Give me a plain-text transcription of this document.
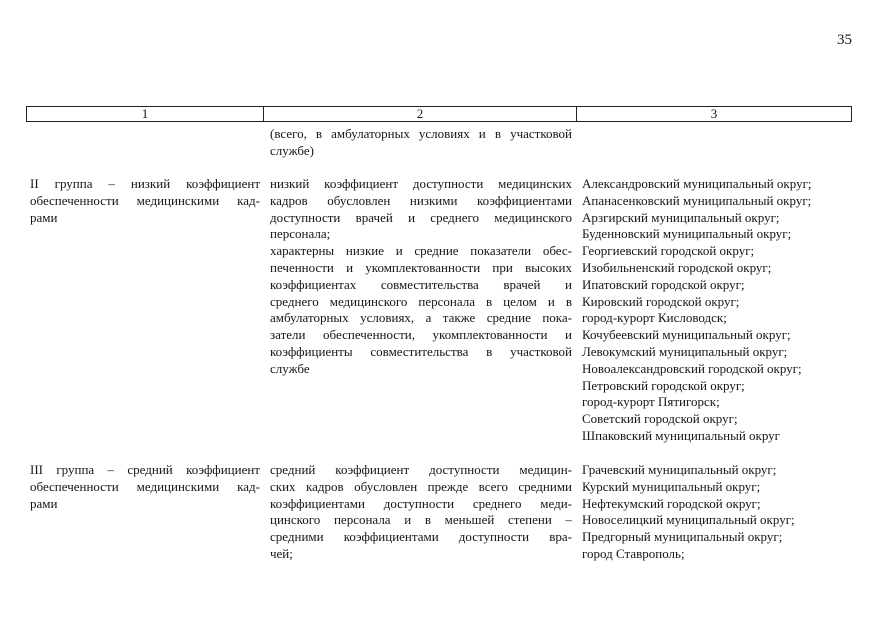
35
1	2	3
(всего, в амбулаторных условиях и в участковой
службе)
II группа – низкий коэффициент
обеспеченности медицинскими кад-
рами
низкий коэффициент доступности медицинских
кадров обусловлен низкими коэффициентами
доступности врачей и среднего медицинского
персонала;
характерны низкие и средние показатели обес-
печенности и укомплектованности при высоких
коэффициентах совместительства врачей и
среднего медицинского персонала в целом и в
амбулаторных условиях, а также средние пока-
затели обеспеченности, укомплектованности и
коэффициенты совместительства в участковой
службе
Александровский муниципальный округ;
Апанасенковский муниципальный округ;
Арзгирский муниципальный округ;
Буденновский муниципальный округ;
Георгиевский городской округ;
Изобильненский городской округ;
Ипатовский городской округ;
Кировский городской округ;
город-курорт Кисловодск;
Кочубеевский муниципальный округ;
Левокумский муниципальный округ;
Новоалександровский городской округ;
Петровский городской округ;
город-курорт Пятигорск;
Советский городской округ;
Шпаковский муниципальный округ
III группа – средний коэффициент
обеспеченности медицинскими кад-
рами
средний коэффициент доступности медицин-
ских кадров обусловлен прежде всего средними
коэффициентами доступности среднего меди-
цинского персонала и в меньшей степени –
средними коэффициентами доступности вра-
чей;
Грачевский муниципальный округ;
Курский муниципальный округ;
Нефтекумский городской округ;
Новоселицкий муниципальный округ;
Предгорный муниципальный округ;
город Ставрополь;
